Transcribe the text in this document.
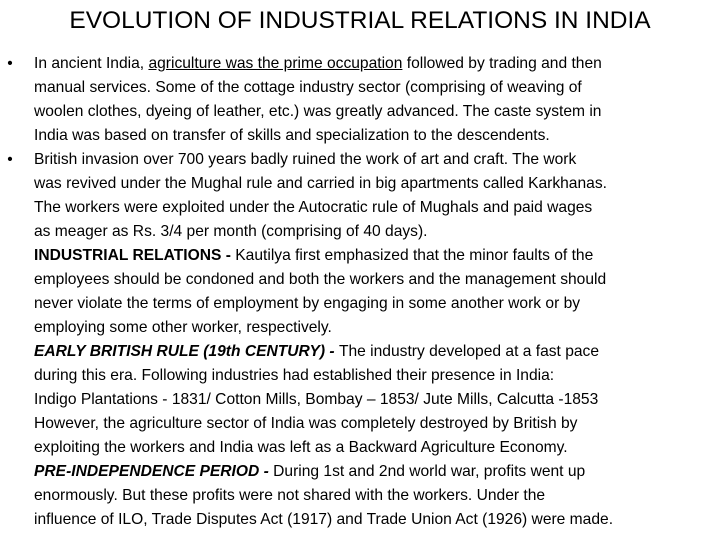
EVOLUTION OF INDUSTRIAL RELATIONS IN INDIA
• In ancient India, agriculture was the prime occupation followed by trading and then
manual services. Some of the cottage industry sector (comprising of weaving of
woolen clothes, dyeing of leather, etc.) was greatly advanced. The caste system in
India was based on transfer of skills and specialization to the descendents.
• British invasion over 700 years badly ruined the work of art and craft. The work
was revived under the Mughal rule and carried in big apartments called Karkhanas.
The workers were exploited under the Autocratic rule of Mughals and paid wages
as meager as Rs. 3/4 per month (comprising of 40 days).
INDUSTRIAL RELATIONS - Kautilya first emphasized that the minor faults of the
employees should be condoned and both the workers and the management should
never violate the terms of employment by engaging in some another work or by
employing some other worker, respectively.
EARLY BRITISH RULE (19th CENTURY) - The industry developed at a fast pace
during this era. Following industries had established their presence in India:
Indigo Plantations - 1831/ Cotton Mills, Bombay – 1853/ Jute Mills, Calcutta -1853
However, the agriculture sector of India was completely destroyed by British by
exploiting the workers and India was left as a Backward Agriculture Economy.
PRE-INDEPENDENCE PERIOD - During 1st and 2nd world war, profits went up
enormously. But these profits were not shared with the workers. Under the
influence of ILO, Trade Disputes Act (1917) and Trade Union Act (1926) were made.
